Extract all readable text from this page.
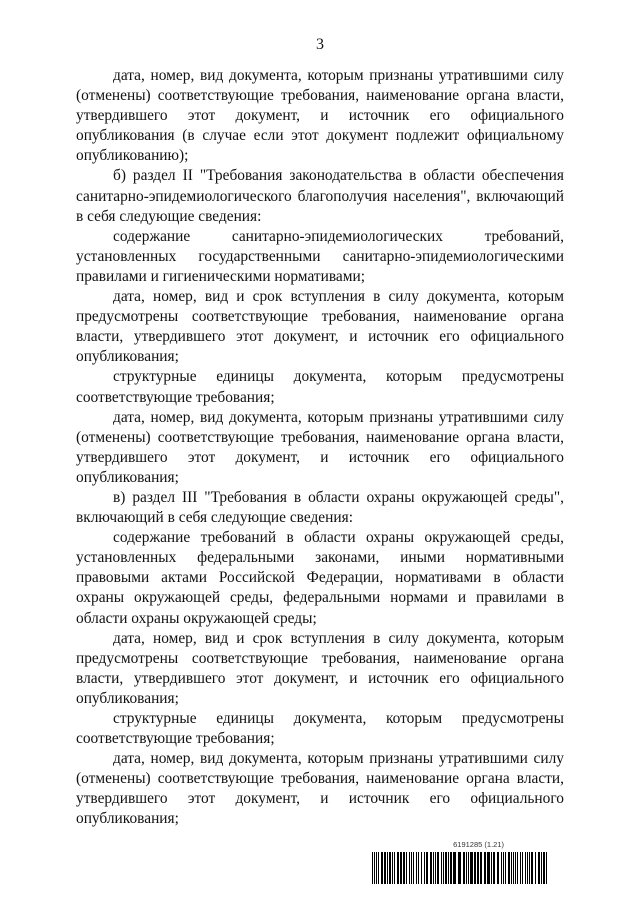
3

дата, номер, вид документа, которым признаны утратившими силу (отменены) соответствующие требования, наименование органа власти, утвердившего этот документ, и источник его официального опубликования (в случае если этот документ подлежит официальному опубликованию);

б) раздел II "Требования законодательства в области обеспечения санитарно-эпидемиологического благополучия населения", включающий в себя следующие сведения:

содержание санитарно-эпидемиологических требований, установленных государственными санитарно-эпидемиологическими правилами и гигиеническими нормативами;

дата, номер, вид и срок вступления в силу документа, которым предусмотрены соответствующие требования, наименование органа власти, утвердившего этот документ, и источник его официального опубликования;

структурные единицы документа, которым предусмотрены соответствующие требования;

дата, номер, вид документа, которым признаны утратившими силу (отменены) соответствующие требования, наименование органа власти, утвердившего этот документ, и источник его официального опубликования;

в) раздел III "Требования в области охраны окружающей среды", включающий в себя следующие сведения:

содержание требований в области охраны окружающей среды, установленных федеральными законами, иными нормативными правовыми актами Российской Федерации, нормативами в области охраны окружающей среды, федеральными нормами и правилами в области охраны окружающей среды;

дата, номер, вид и срок вступления в силу документа, которым предусмотрены соответствующие требования, наименование органа власти, утвердившего этот документ, и источник его официального опубликования;

структурные единицы документа, которым предусмотрены соответствующие требования;

дата, номер, вид документа, которым признаны утратившими силу (отменены) соответствующие требования, наименование органа власти, утвердившего этот документ, и источник его официального опубликования;

6191285 (1.21)
